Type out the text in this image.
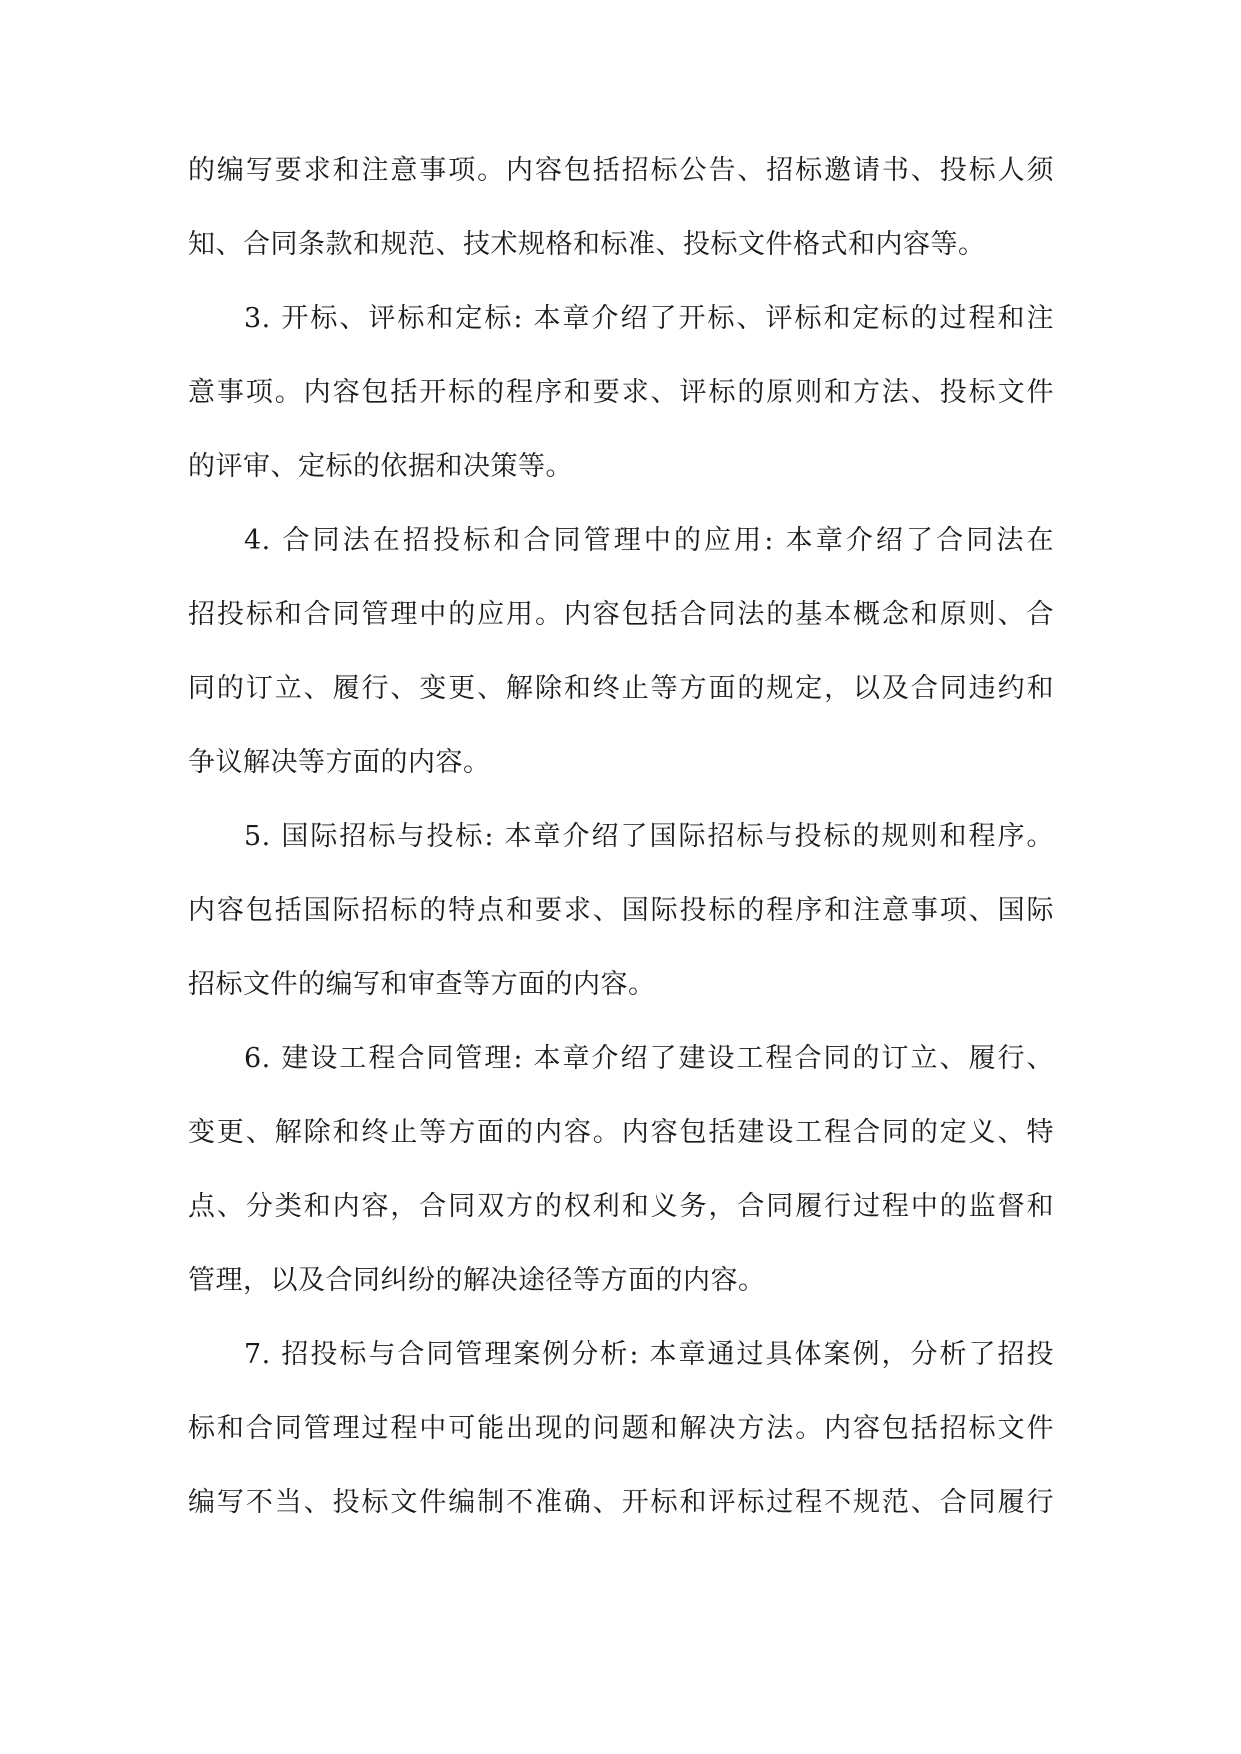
的编写要求和注意事项。内容包括招标公告、招标邀请书、投标人须
知、合同条款和规范、技术规格和标准、投标文件格式和内容等。
3. 开标、评标和定标: 本章介绍了开标、评标和定标的过程和注
意事项。内容包括开标的程序和要求、评标的原则和方法、投标文件
的评审、定标的依据和决策等。
4. 合同法在招投标和合同管理中的应用: 本章介绍了合同法在
招投标和合同管理中的应用。内容包括合同法的基本概念和原则、合
同的订立、履行、变更、解除和终止等方面的规定，以及合同违约和
争议解决等方面的内容。
5. 国际招标与投标: 本章介绍了国际招标与投标的规则和程序。
内容包括国际招标的特点和要求、国际投标的程序和注意事项、国际
招标文件的编写和审查等方面的内容。
6. 建设工程合同管理: 本章介绍了建设工程合同的订立、履行、
变更、解除和终止等方面的内容。内容包括建设工程合同的定义、特
点、分类和内容，合同双方的权利和义务，合同履行过程中的监督和
管理，以及合同纠纷的解决途径等方面的内容。
7. 招投标与合同管理案例分析: 本章通过具体案例，分析了招投
标和合同管理过程中可能出现的问题和解决方法。内容包括招标文件
编写不当、投标文件编制不准确、开标和评标过程不规范、合同履行
